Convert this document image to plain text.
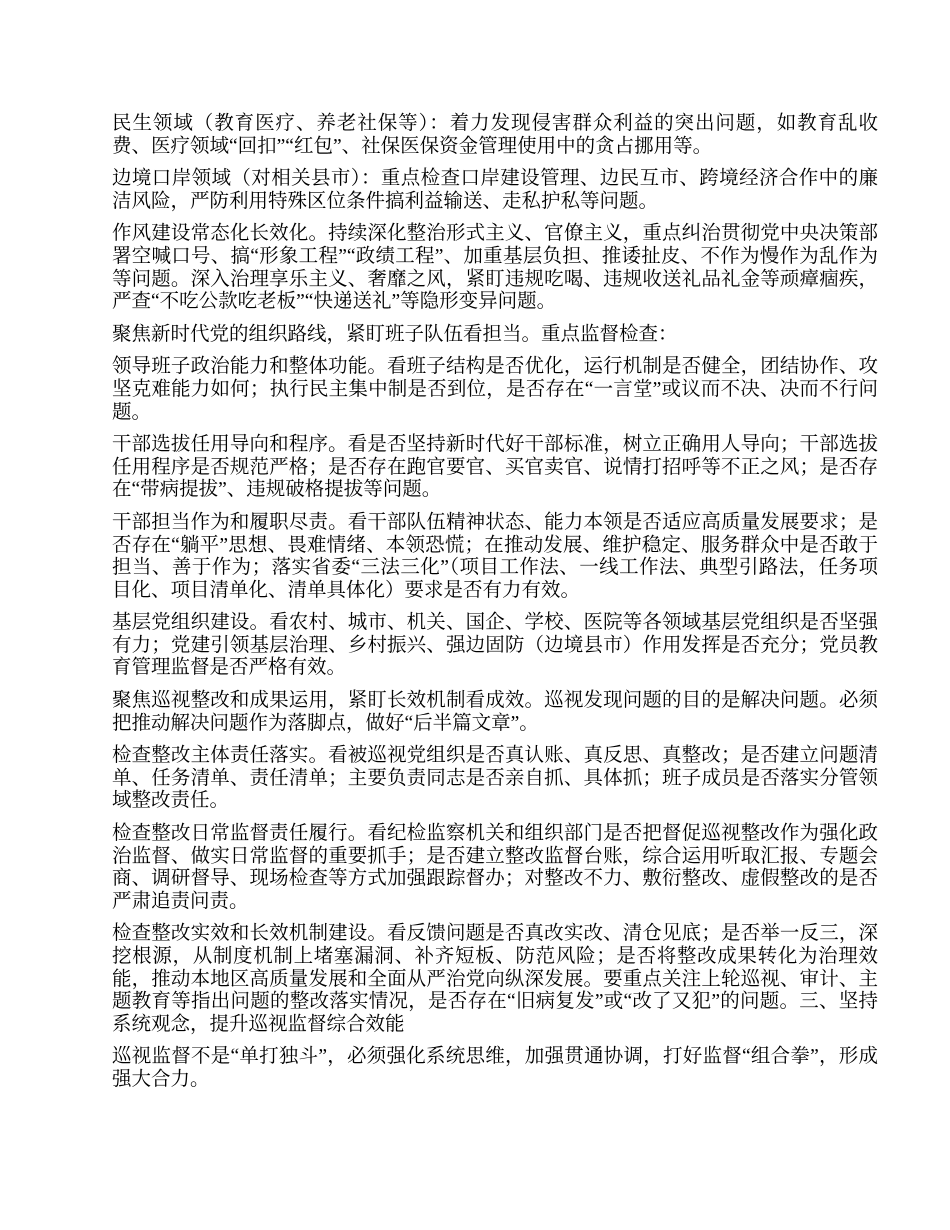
民生领域（教育医疗、养老社保等）：着力发现侵害群众利益的突出问题，如教育乱收费、医疗领域“回扣”“红包”、社保医保资金管理使用中的贪占挪用等。

边境口岸领域（对相关县市）：重点检查口岸建设管理、边民互市、跨境经济合作中的廉洁风险，严防利用特殊区位条件搞利益输送、走私护私等问题。

作风建设常态化长效化。持续深化整治形式主义、官僚主义，重点纠治贯彻党中央决策部署空喊口号、搞“形象工程”“政绩工程”、加重基层负担、推诿扯皮、不作为慢作为乱作为等问题。深入治理享乐主义、奢靡之风，紧盯违规吃喝、违规收送礼品礼金等顽瘴痼疾，严查“不吃公款吃老板”“快递送礼”等隐形变异问题。

聚焦新时代党的组织路线，紧盯班子队伍看担当。重点监督检查：

领导班子政治能力和整体功能。看班子结构是否优化，运行机制是否健全，团结协作、攻坚克难能力如何；执行民主集中制是否到位，是否存在“一言堂”或议而不决、决而不行问题。

干部选拔任用导向和程序。看是否坚持新时代好干部标准，树立正确用人导向；干部选拔任用程序是否规范严格；是否存在跑官要官、买官卖官、说情打招呼等不正之风；是否存在“带病提拔”、违规破格提拔等问题。

干部担当作为和履职尽责。看干部队伍精神状态、能力本领是否适应高质量发展要求；是否存在“躺平”思想、畏难情绪、本领恐慌；在推动发展、维护稳定、服务群众中是否敢于担当、善于作为；落实省委“三法三化”（项目工作法、一线工作法、典型引路法，任务项目化、项目清单化、清单具体化）要求是否有力有效。

基层党组织建设。看农村、城市、机关、国企、学校、医院等各领域基层党组织是否坚强有力；党建引领基层治理、乡村振兴、强边固防（边境县市）作用发挥是否充分；党员教育管理监督是否严格有效。

聚焦巡视整改和成果运用，紧盯长效机制看成效。巡视发现问题的目的是解决问题。必须把推动解决问题作为落脚点，做好“后半篇文章”。

检查整改主体责任落实。看被巡视党组织是否真认账、真反思、真整改；是否建立问题清单、任务清单、责任清单；主要负责同志是否亲自抓、具体抓；班子成员是否落实分管领域整改责任。

检查整改日常监督责任履行。看纪检监察机关和组织部门是否把督促巡视整改作为强化政治监督、做实日常监督的重要抓手；是否建立整改监督台账，综合运用听取汇报、专题会商、调研督导、现场检查等方式加强跟踪督办；对整改不力、敷衍整改、虚假整改的是否严肃追责问责。

检查整改实效和长效机制建设。看反馈问题是否真改实改、清仓见底；是否举一反三，深挖根源，从制度机制上堵塞漏洞、补齐短板、防范风险；是否将整改成果转化为治理效能，推动本地区高质量发展和全面从严治党向纵深发展。要重点关注上轮巡视、审计、主题教育等指出问题的整改落实情况，是否存在“旧病复发”或“改了又犯”的问题。三、坚持系统观念，提升巡视监督综合效能

巡视监督不是“单打独斗”，必须强化系统思维，加强贯通协调，打好监督“组合拳”，形成强大合力。
